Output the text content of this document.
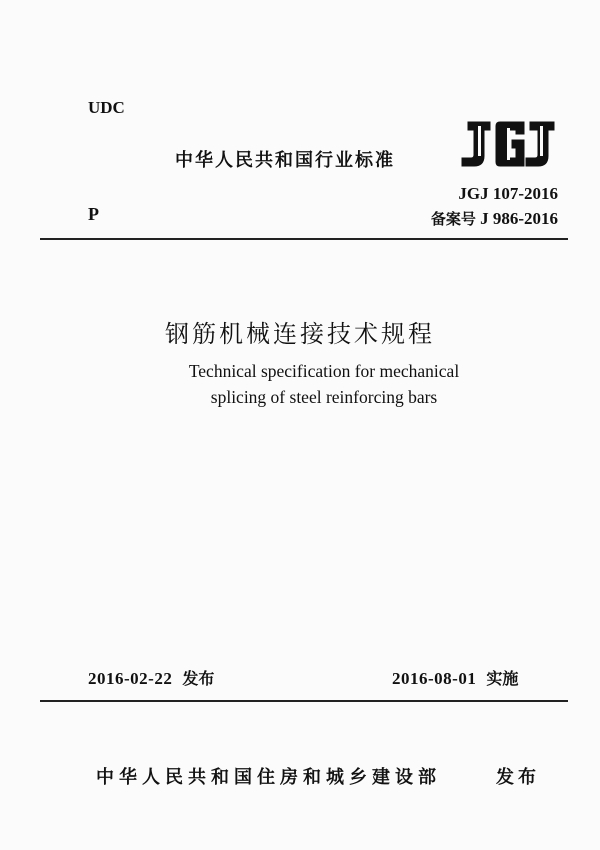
UDC
中华人民共和国行业标准
JGJ 107-2016
P	备案号 J 986-2016
钢筋机械连接技术规程
Technical specification for mechanical
splicing of steel reinforcing bars
2016-02-22 发布	2016-08-01 实施
中华人民共和国住房和城乡建设部	发布
